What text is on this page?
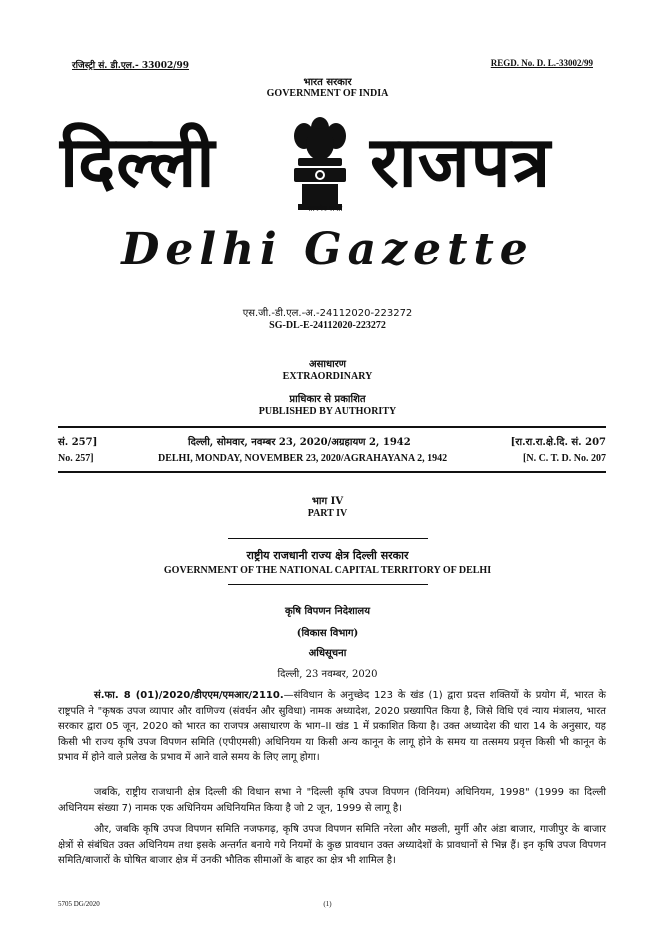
रजिस्ट्री सं. डी.एल.- 33002/99	REGD. No. D. L.-33002/99
भारत सरकार
GOVERNMENT OF INDIA
दिल्ली
सत्यमेव जयते
राजपत्र
Delhi Gazette
एस.जी.-डी.एल.-अ.-24112020-223272
SG-DL-E-24112020-223272
असाधारण
EXTRAORDINARY
प्राधिकार से प्रकाशित
PUBLISHED BY AUTHORITY
सं. 257]	दिल्ली, सोमवार, नवम्बर 23, 2020/अग्रहायण 2, 1942	[रा.रा.रा.क्षे.दि. सं. 207
No. 257]	DELHI, MONDAY, NOVEMBER 23, 2020/AGRAHAYANA 2, 1942	[N. C. T. D. No. 207
भाग IV
PART IV
राष्ट्रीय राजधानी राज्य क्षेत्र दिल्ली सरकार
GOVERNMENT OF THE NATIONAL CAPITAL TERRITORY OF DELHI
कृषि विपणन निदेशालय
(विकास विभाग)
अधिसूचना
दिल्ली, 23 नवम्बर, 2020
सं.फा. 8 (01)/2020/डीएएम/एमआर/2110.—संविधान के अनुच्छेद 123 के खंड (1) द्वारा प्रदत्त शक्तियों के प्रयोग में, भारत के राष्ट्रपति ने "कृषक उपज व्यापार और वाणिज्य (संवर्धन और सुविधा) नामक अध्यादेश, 2020 प्रख्यापित किया है, जिसे विधि एवं न्याय मंत्रालय, भारत सरकार द्वारा 05 जून, 2020 को भारत का राजपत्र असाधारण के भाग–II खंड 1 में प्रकाशित किया है। उक्त अध्यादेश की धारा 14 के अनुसार, यह किसी भी राज्य कृषि उपज विपणन समिति (एपीएमसी) अधिनियम या किसी अन्य कानून के लागू होने के समय या तत्समय प्रवृत्त किसी भी कानून के प्रभाव में होने वाले प्रलेख के प्रभाव में आने वाले समय के लिए लागू होगा।
जबकि, राष्ट्रीय राजधानी क्षेत्र दिल्ली की विधान सभा ने "दिल्ली कृषि उपज विपणन (विनियम) अधिनियम, 1998" (1999 का दिल्ली अधिनियम संख्या 7) नामक एक अधिनियम अधिनियमित किया है जो 2 जून, 1999 से लागू है।
और, जबकि कृषि उपज विपणन समिति नजफगढ़, कृषि उपज विपणन समिति नरेला और मछली, मुर्गी और अंडा बाजार, गाजीपुर के बाजार क्षेत्रों से संबंधित उक्त अधिनियम तथा इसके अन्तर्गत बनाये गये नियमों के कुछ प्रावधान उक्त अध्यादेशों के प्रावधानों से भिन्न हैं। इन कृषि उपज विपणन समिति/बाजारों के घोषित बाजार क्षेत्र में उनकी भौतिक सीमाओं के बाहर का क्षेत्र भी शामिल है।
5705 DG/2020	(1)
